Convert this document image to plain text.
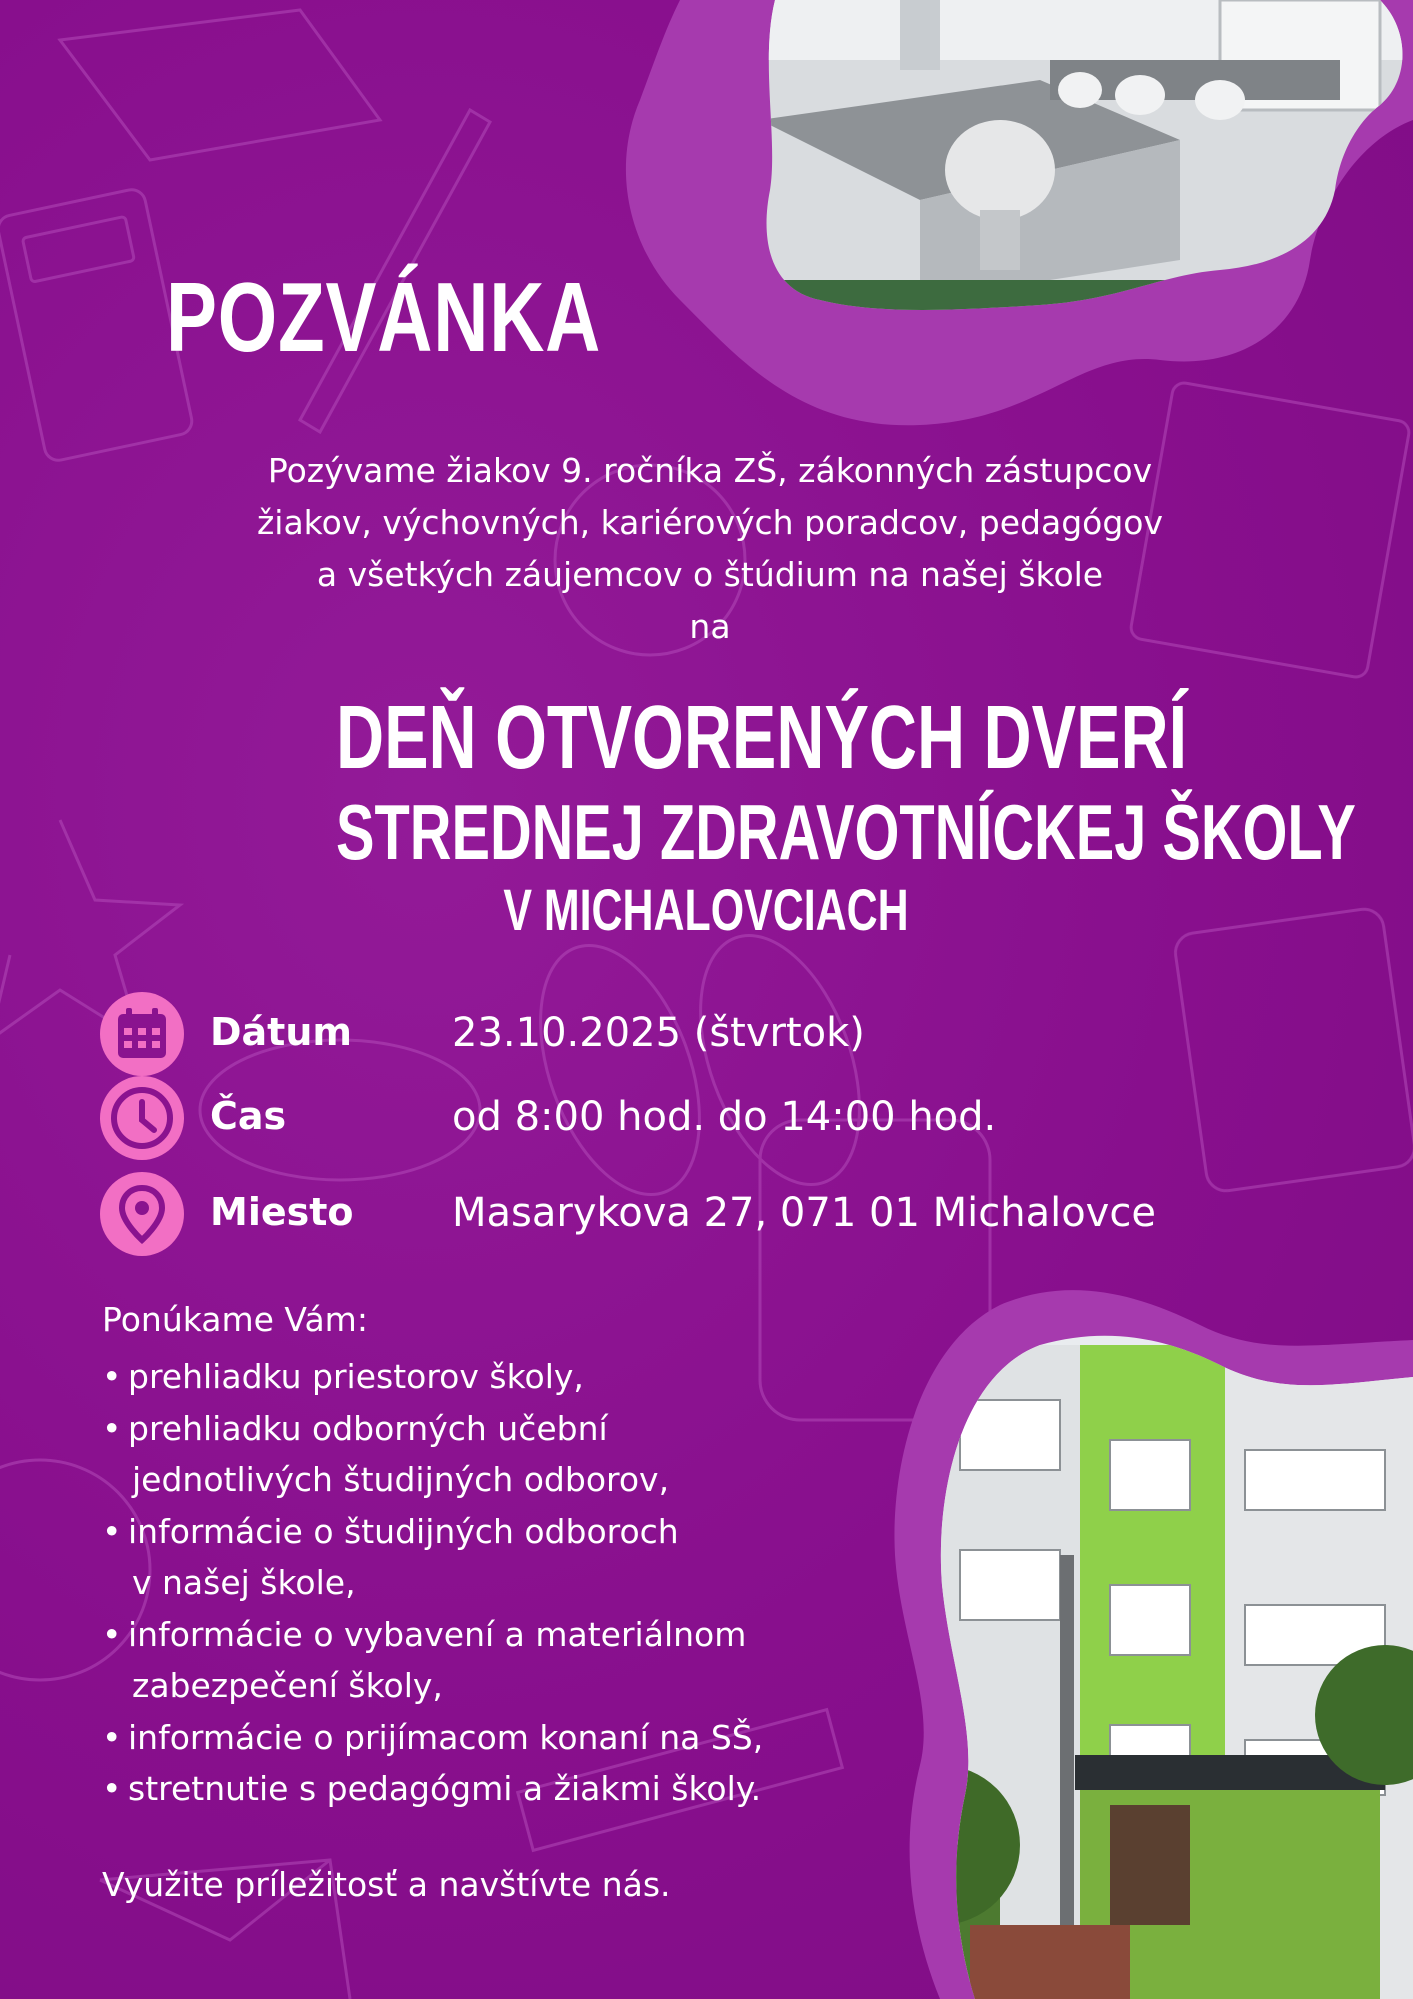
POZVÁNKA

Pozývame žiakov 9. ročníka ZŠ, zákonných zástupcov
žiakov, výchovných, kariérových poradcov, pedagógov
a všetkých záujemcov o štúdium na našej škole
na

DEŇ OTVORENÝCH DVERÍ
STREDNEJ ZDRAVOTNÍCKEJ ŠKOLY
V MICHALOVCIACH
Dátum	23.10.2025 (štvrtok)
Čas	od 8:00 hod. do 14:00 hod.
Miesto Masarykova 27, 071 01 Michalovce
Ponúkame Vám:
• prehliadku priestorov školy,
• prehliadku odborných učební
jednotlivých študijných odborov,
• informácie o študijných odboroch
v našej škole,
• informácie o vybavení a materiálnom
zabezpečení školy,
• informácie o prijímacom konaní na SŠ,
• stretnutie s pedagógmi a žiakmi školy.
Využite príležitosť a navštívte nás.
